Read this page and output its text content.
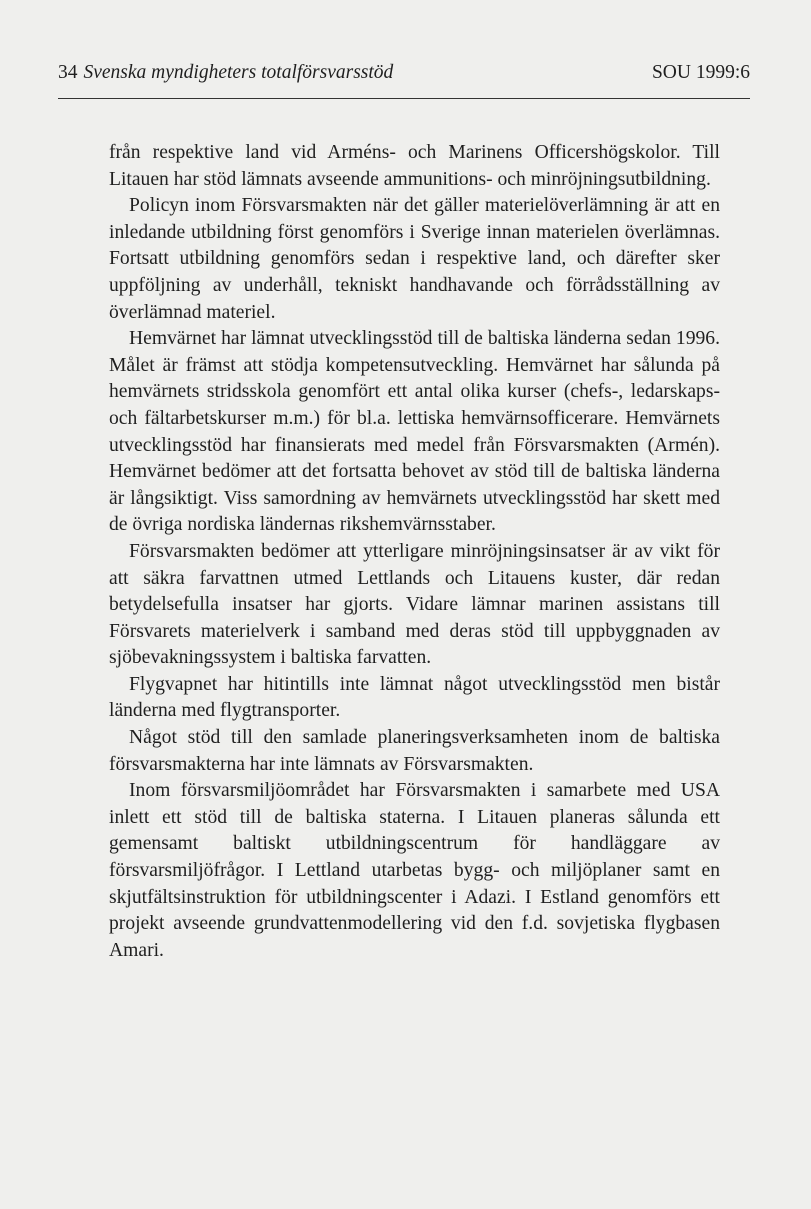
34 Svenska myndigheters totalförsvarsstöd	SOU 1999:6

från respektive land vid Arméns- och Marinens Officershögskolor. Till Litauen har stöd lämnats avseende ammunitions- och minröjningsutbildning.

Policyn inom Försvarsmakten när det gäller materielöverlämning är att en inledande utbildning först genomförs i Sverige innan materielen överlämnas. Fortsatt utbildning genomförs sedan i respektive land, och därefter sker uppföljning av underhåll, tekniskt handhavande och förrådsställning av överlämnad materiel.

Hemvärnet har lämnat utvecklingsstöd till de baltiska länderna sedan 1996. Målet är främst att stödja kompetensutveckling. Hemvärnet har sålunda på hemvärnets stridsskola genomfört ett antal olika kurser (chefs-, ledarskaps- och fältarbetskurser m.m.) för bl.a. lettiska hemvärnsofficerare. Hemvärnets utvecklingsstöd har finansierats med medel från Försvarsmakten (Armén). Hemvärnet bedömer att det fortsatta behovet av stöd till de baltiska länderna är långsiktigt. Viss samordning av hemvärnets utvecklingsstöd har skett med de övriga nordiska ländernas rikshemvärnsstaber.

Försvarsmakten bedömer att ytterligare minröjningsinsatser är av vikt för att säkra farvattnen utmed Lettlands och Litauens kuster, där redan betydelsefulla insatser har gjorts. Vidare lämnar marinen assistans till Försvarets materielverk i samband med deras stöd till uppbyggnaden av sjöbevakningssystem i baltiska farvatten.

Flygvapnet har hitintills inte lämnat något utvecklingsstöd men bistår länderna med flygtransporter.

Något stöd till den samlade planeringsverksamheten inom de baltiska försvarsmakterna har inte lämnats av Försvarsmakten.

Inom försvarsmiljöområdet har Försvarsmakten i samarbete med USA inlett ett stöd till de baltiska staterna. I Litauen planeras sålunda ett gemensamt baltiskt utbildningscentrum för handläggare av försvarsmiljöfrågor. I Lettland utarbetas bygg- och miljöplaner samt en skjutfältsinstruktion för utbildningscenter i Adazi. I Estland genomförs ett projekt avseende grundvattenmodellering vid den f.d. sovjetiska flygbasen Amari.
